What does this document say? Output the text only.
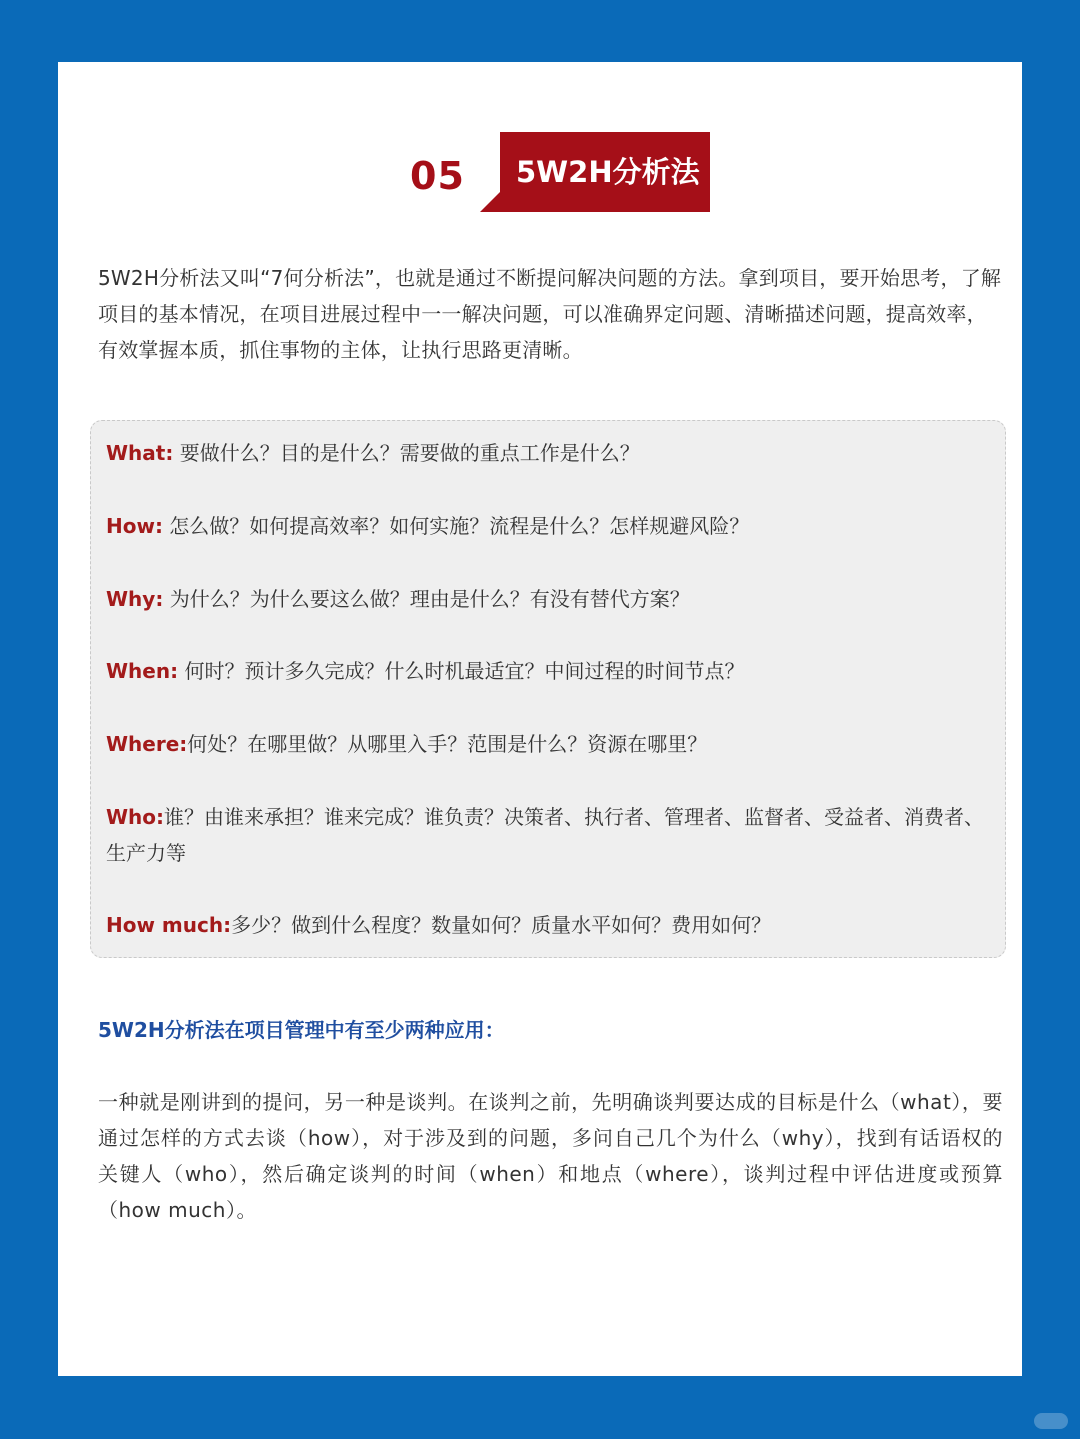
05 5W2H分析法
5W2H分析法又叫“7何分析法”，也就是通过不断提问解决问题的方法。拿到项目，要开始思考，了解项目的基本情况，在项目进展过程中一一解决问题，可以准确界定问题、清晰描述问题，提高效率，有效掌握本质，抓住事物的主体，让执行思路更清晰。
What: 要做什么？目的是什么？需要做的重点工作是什么？
How: 怎么做？如何提高效率？如何实施？流程是什么？怎样规避风险？
Why: 为什么？为什么要这么做？理由是什么？有没有替代方案？
When: 何时？预计多久完成？什么时机最适宜？中间过程的时间节点？
Where:何处？在哪里做？从哪里入手？范围是什么？资源在哪里？
Who:谁？由谁来承担？谁来完成？谁负责？决策者、执行者、管理者、监督者、受益者、消费者、生产力等
How much:多少？做到什么程度？数量如何？质量水平如何？费用如何？
5W2H分析法在项目管理中有至少两种应用：
一种就是刚讲到的提问，另一种是谈判。在谈判之前，先明确谈判要达成的目标是什么（what），要通过怎样的方式去谈（how），对于涉及到的问题，多问自己几个为什么（why），找到有话语权的关键人（who），然后确定谈判的时间（when）和地点（where），谈判过程中评估进度或预算（how much）。
